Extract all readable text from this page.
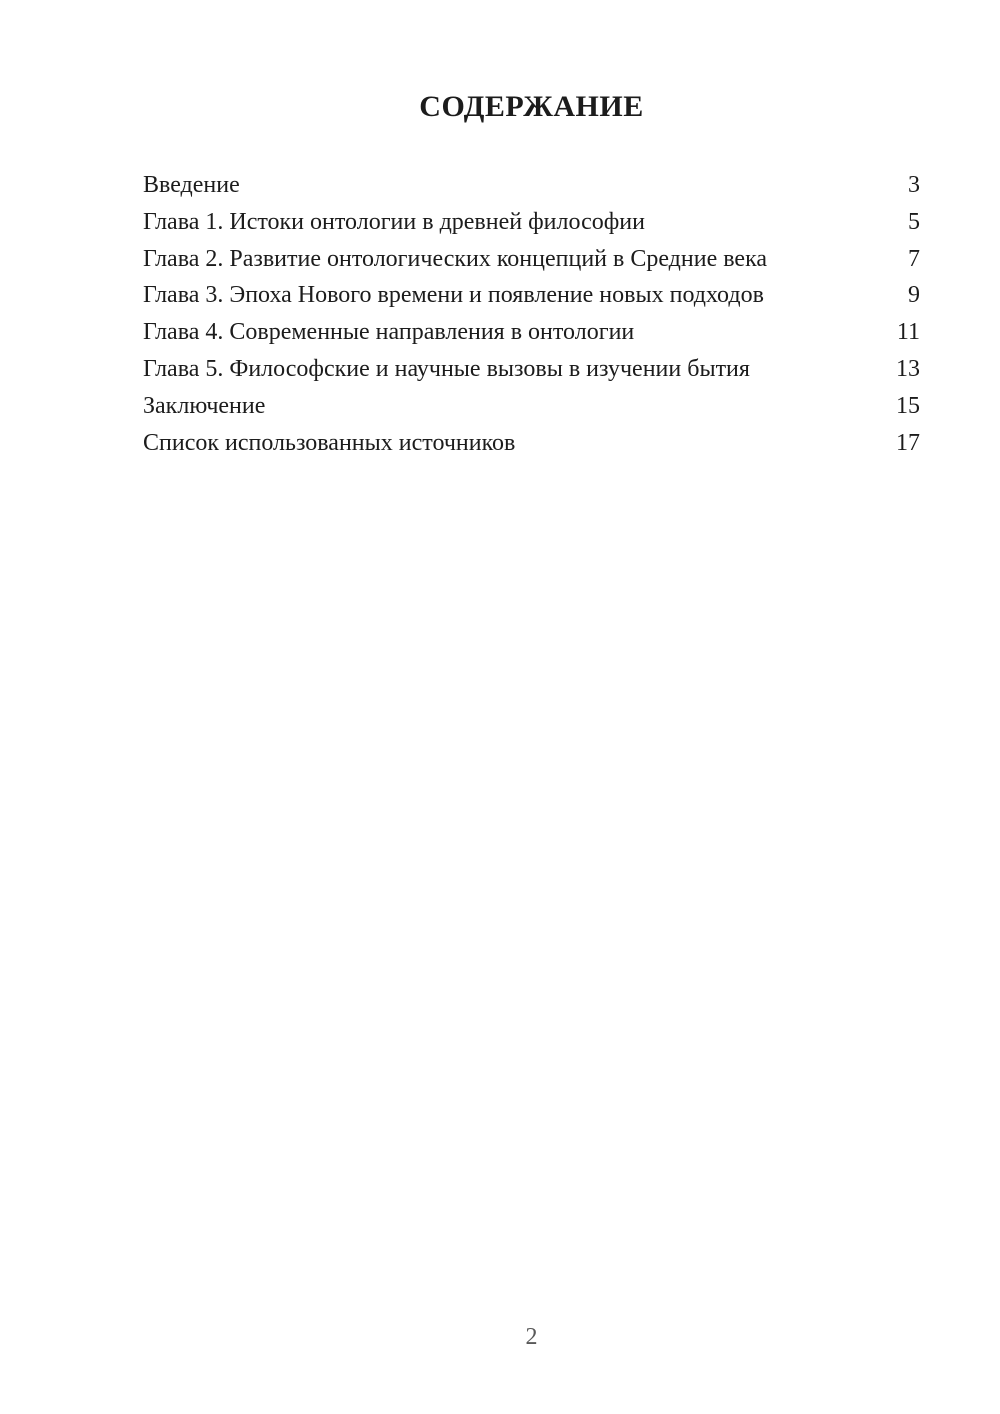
СОДЕРЖАНИЕ
Введение	3
Глава 1. Истоки онтологии в древней философии	5
Глава 2. Развитие онтологических концепций в Средние века	7
Глава 3. Эпоха Нового времени и появление новых подходов	9
Глава 4. Современные направления в онтологии	11
Глава 5. Философские и научные вызовы в изучении бытия	13
Заключение	15
Список использованных источников	17
2
